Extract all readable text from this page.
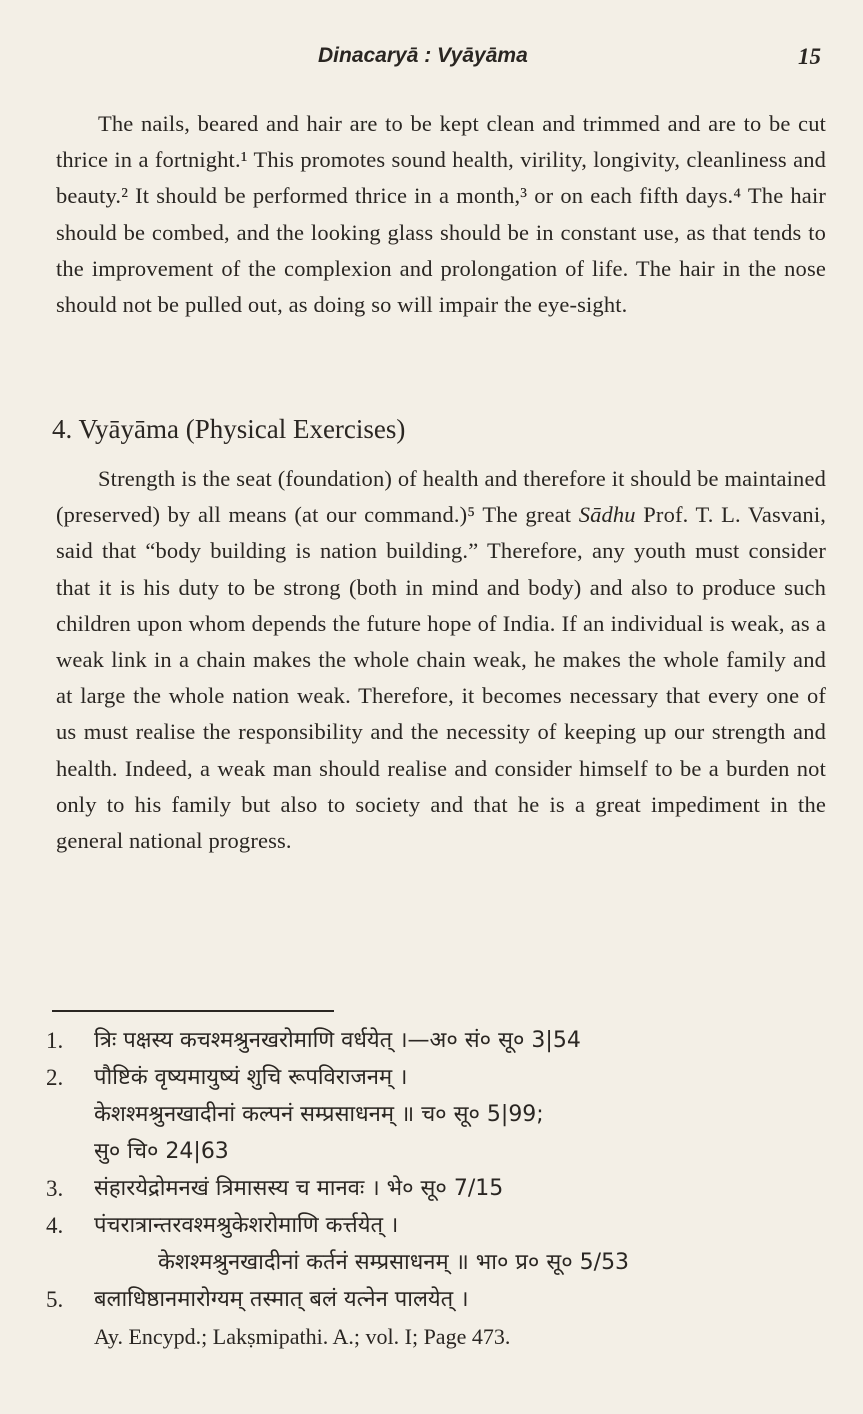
Dinacaryā : Vyāyāma	15

The nails, beared and hair are to be kept clean and trimmed and are to be cut thrice in a fortnight.¹ This promotes sound health, virility, longivity, cleanliness and beauty.² It should be performed thrice in a month,³ or on each fifth days.⁴ The hair should be combed, and the looking glass should be in constant use, as that tends to the improvement of the complexion and prolongation of life. The hair in the nose should not be pulled out, as doing so will impair the eye-sight.

4. Vyāyāma (Physical Exercises)

Strength is the seat (foundation) of health and therefore it should be maintained (preserved) by all means (at our command.)⁵ The great Sādhu Prof. T. L. Vasvani, said that “body building is nation building.” Therefore, any youth must consider that it is his duty to be strong (both in mind and body) and also to produce such children upon whom depends the future hope of India. If an individual is weak, as a weak link in a chain makes the whole chain weak, he makes the whole family and at large the whole nation weak. Therefore, it becomes necessary that every one of us must realise the responsibility and the necessity of keeping up our strength and health. Indeed, a weak man should realise and consider himself to be a burden not only to his family but also to society and that he is a great impediment in the general national progress.

1. त्रिः पक्षस्य कचश्मश्रुनखरोमाणि वर्धयेत् ।—अ० सं० सू० 3|54
2. पौष्टिकं वृष्यमायुष्यं शुचि रूपविराजनम् ।
केशश्मश्रुनखादीनां कल्पनं सम्प्रसाधनम् ॥ च० सू० 5|99;
सु० चि० 24|63
3. संहारयेद्रोमनखं त्रिमासस्य च मानवः । भे० सू० 7/15
4. पंचरात्रान्तरवश्मश्रुकेशरोमाणि कर्त्तयेत् ।
केशश्मश्रुनखादीनां कर्तनं सम्प्रसाधनम् ॥ भा० प्र० सू० 5/53
5. बलाधिष्ठानमारोग्यम् तस्मात् बलं यत्नेन पालयेत् ।
Ay. Encypd.; Lakṣmipathi. A.; vol. I; Page 473.
